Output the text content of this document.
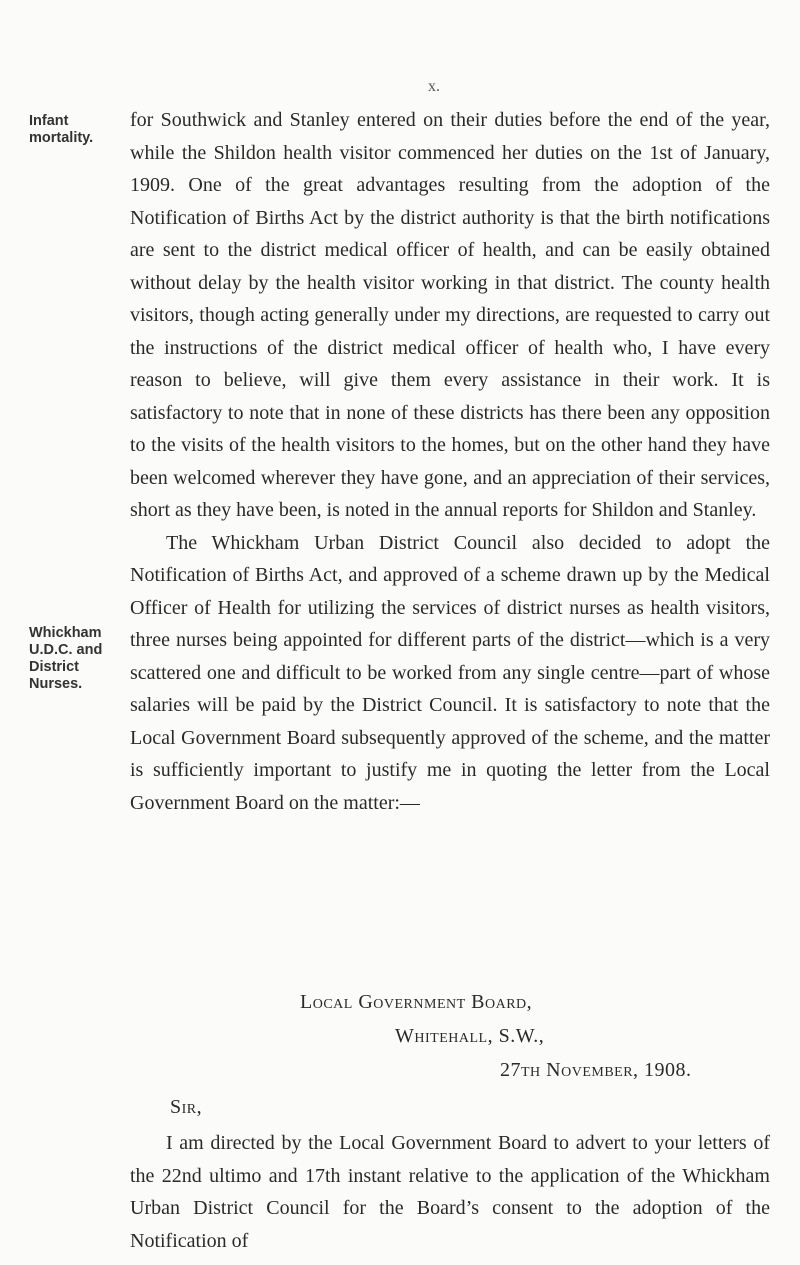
x.
Infant
mortality.
Whickham
U.D.C. and
District
Nurses.

for Southwick and Stanley entered on their duties before the end of the year, while the Shildon health visitor commenced her duties on the 1st of January, 1909. One of the great advantages resulting from the adoption of the Notification of Births Act by the district authority is that the birth notifications are sent to the district medical officer of health, and can be easily obtained without delay by the health visitor working in that district. The county health visitors, though acting generally under my directions, are requested to carry out the instructions of the district medical officer of health who, I have every reason to believe, will give them every assistance in their work. It is satisfactory to note that in none of these districts has there been any opposition to the visits of the health visitors to the homes, but on the other hand they have been welcomed wherever they have gone, and an appreciation of their services, short as they have been, is noted in the annual reports for Shildon and Stanley.

The Whickham Urban District Council also decided to adopt the Notification of Births Act, and approved of a scheme drawn up by the Medical Officer of Health for utilizing the services of district nurses as health visitors, three nurses being appointed for different parts of the district—which is a very scattered one and difficult to be worked from any single centre—part of whose salaries will be paid by the District Council. It is satisfactory to note that the Local Government Board subsequently approved of the scheme, and the matter is sufficiently important to justify me in quoting the letter from the Local Government Board on the matter:—

Local Government Board,
Whitehall, S.W.,
27th November, 1908.
Sir,

I am directed by the Local Government Board to advert to your letters of the 22nd ultimo and 17th instant relative to the application of the Whickham Urban District Council for the Board’s consent to the adoption of the Notification of
